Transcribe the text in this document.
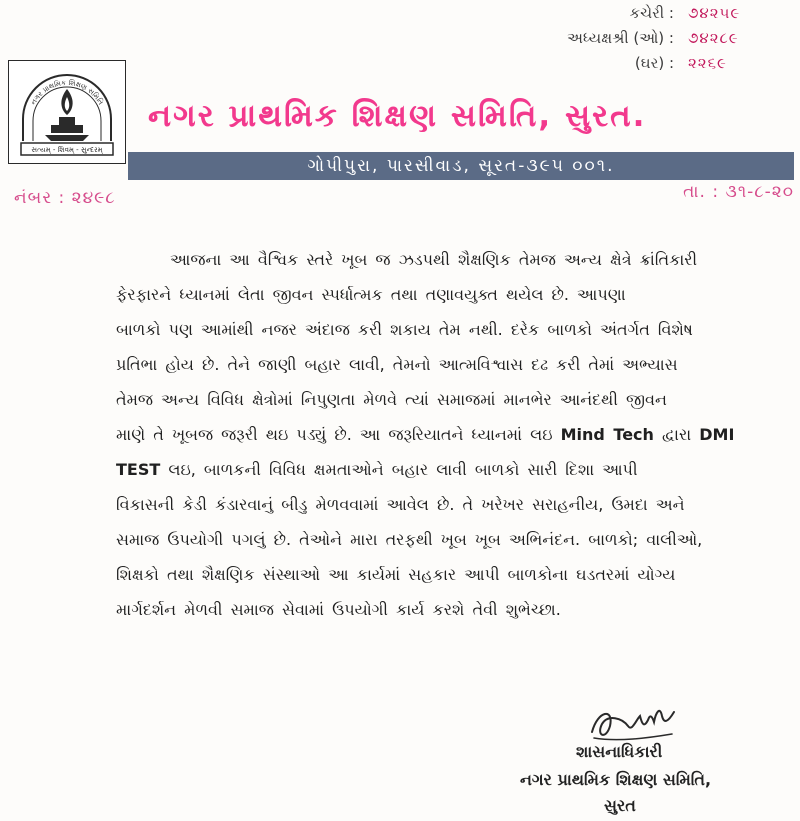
કચેરી : ૭૪૨૫૯
અધ્યક્ષશ્રી (ઓ) : ૭૪૨૮૯
(ઘર) : ૨૨૬૯
નગર પ્રાથમિક શિક્ષણ સમિતિ
સત્યમ્ - શિવમ્ - સુન્દરમ્
નગર પ્રાથમિક શિક્ષણ સમિતિ, સુરત.
ગોપીપુરા, પારસીવાડ, સૂરત-૩૯૫ ૦૦૧.
નંબર : ૨૪૯૮	તા. : ૩૧-૮-૨૦
આજના આ વૈશ્વિક સ્તરે ખૂબ જ ઝડપથી શૈક્ષણિક તેમજ અન્ય ક્ષેત્રે ક્રાંતિકારી
ફેરફારને ધ્યાનમાં લેતા જીવન સ્પર્ધાત્મક તથા તણાવયુક્ત થયેલ છે. આપણા
બાળકો પણ આમાંથી નજર અંદાજ કરી શકાય તેમ નથી. દરેક બાળકો અંતર્ગત વિશેષ
પ્રતિભા હોય છે. તેને જાણી બહાર લાવી, તેમનો આત્મવિશ્વાસ દઢ કરી તેમાં અભ્યાસ
તેમજ અન્ય વિવિધ ક્ષેત્રોમાં નિપુણતા મેળવે ત્યાં સમાજમાં માનભેર આનંદથી જીવન
માણે તે ખૂબજ જરૂરી થઇ પડ્યું છે. આ જરૂરિયાતને ધ્યાનમાં લઇ Mind Tech દ્વારા DMI
TEST લઇ, બાળકની વિવિધ ક્ષમતાઓને બહાર લાવી બાળકો સારી દિશા આપી
વિકાસની કેડી કંડારવાનું બીડુ મેળવવામાં આવેલ છે. તે ખરેખર સરાહનીય, ઉમદા અને
સમાજ ઉપયોગી પગલું છે. તેઓને મારા તરફથી ખૂબ ખૂબ અભિનંદન. બાળકો; વાલીઓ,
શિક્ષકો તથા શૈક્ષણિક સંસ્થાઓ આ કાર્યમાં સહકાર આપી બાળકોના ઘડતરમાં યોગ્ય
માર્ગદર્શન મેળવી સમાજ સેવામાં ઉપયોગી કાર્ય કરશે તેવી શુભેચ્છા.
શાસનાધિકારી
નગર પ્રાથમિક શિક્ષણ સમિતિ,
સુરત
